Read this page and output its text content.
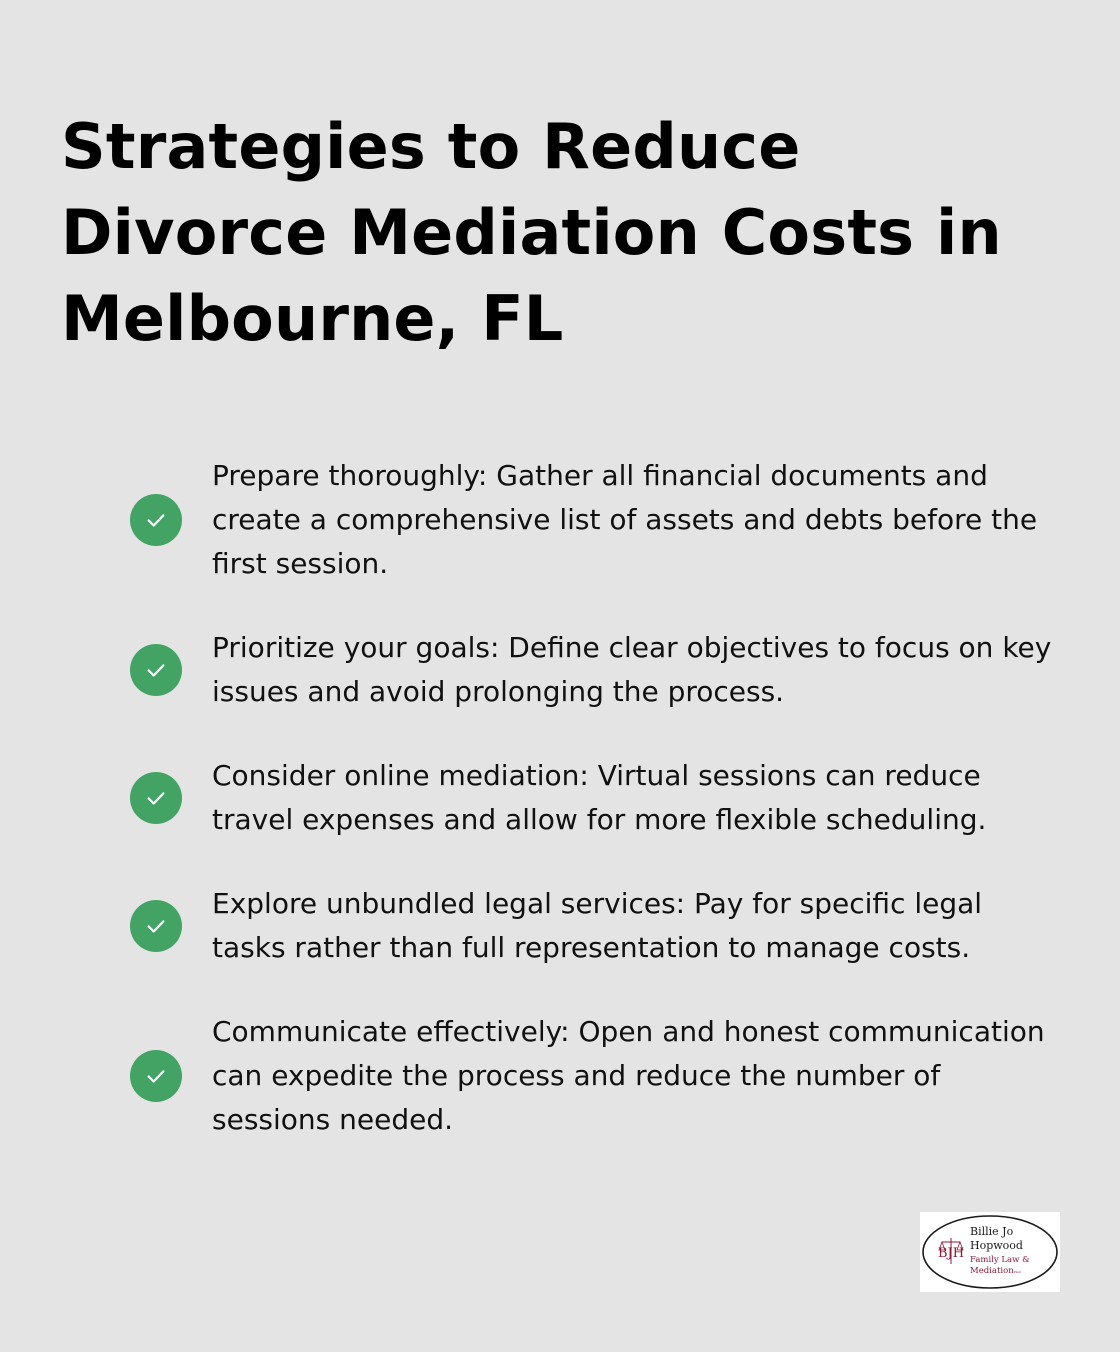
Strategies to Reduce Divorce Mediation Costs in Melbourne, FL
Prepare thoroughly: Gather all financial documents and create a comprehensive list of assets and debts before the first session.
Prioritize your goals: Define clear objectives to focus on key issues and avoid prolonging the process.
Consider online mediation: Virtual sessions can reduce travel expenses and allow for more flexible scheduling.
Explore unbundled legal services: Pay for specific legal tasks rather than full representation to manage costs.
Communicate effectively: Open and honest communication can expedite the process and reduce the number of sessions needed.
BJH
Billie Jo
Hopwood
Family Law &
Mediation PLLC
